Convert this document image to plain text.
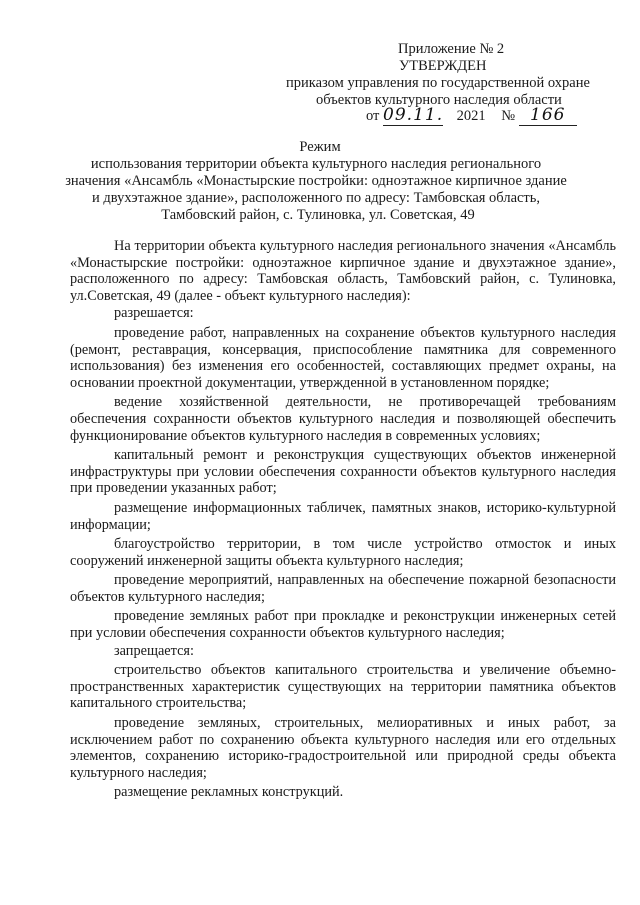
Приложение № 2
УТВЕРЖДЕН
приказом управления по государственной охране
объектов культурного наследия области
от 09.11. 2021 № 166
Режим
использования территории объекта культурного наследия регионального
значения «Ансамбль «Монастырские постройки: одноэтажное кирпичное здание
и двухэтажное здание», расположенного по адресу: Тамбовская область,
Тамбовский район, с. Тулиновка, ул. Советская, 49

На территории объекта культурного наследия регионального значения «Ансамбль «Монастырские постройки: одноэтажное кирпичное здание и двухэтажное здание», расположенного по адресу: Тамбовская область, Тамбовский район, с. Тулиновка, ул.Советская, 49 (далее - объект культурного наследия):

разрешается:

проведение работ, направленных на сохранение объектов культурного наследия (ремонт, реставрация, консервация, приспособление памятника для современного использования) без изменения его особенностей, составляющих предмет охраны, на основании проектной документации, утвержденной в установленном порядке;

ведение хозяйственной деятельности, не противоречащей требованиям обеспечения сохранности объектов культурного наследия и позволяющей обеспечить функционирование объектов культурного наследия в современных условиях;

капитальный ремонт и реконструкция существующих объектов инженерной инфраструктуры при условии обеспечения сохранности объектов культурного наследия при проведении указанных работ;

размещение информационных табличек, памятных знаков, историко-культурной информации;

благоустройство территории, в том числе устройство отмосток и иных сооружений инженерной защиты объекта культурного наследия;

проведение мероприятий, направленных на обеспечение пожарной безопасности объектов культурного наследия;

проведение земляных работ при прокладке и реконструкции инженерных сетей при условии обеспечения сохранности объектов культурного наследия;

запрещается:

строительство объектов капитального строительства и увеличение объемно-пространственных характеристик существующих на территории памятника объектов капитального строительства;

проведение земляных, строительных, мелиоративных и иных работ, за исключением работ по сохранению объекта культурного наследия или его отдельных элементов, сохранению историко-градостроительной или природной среды объекта культурного наследия;

размещение рекламных конструкций.
